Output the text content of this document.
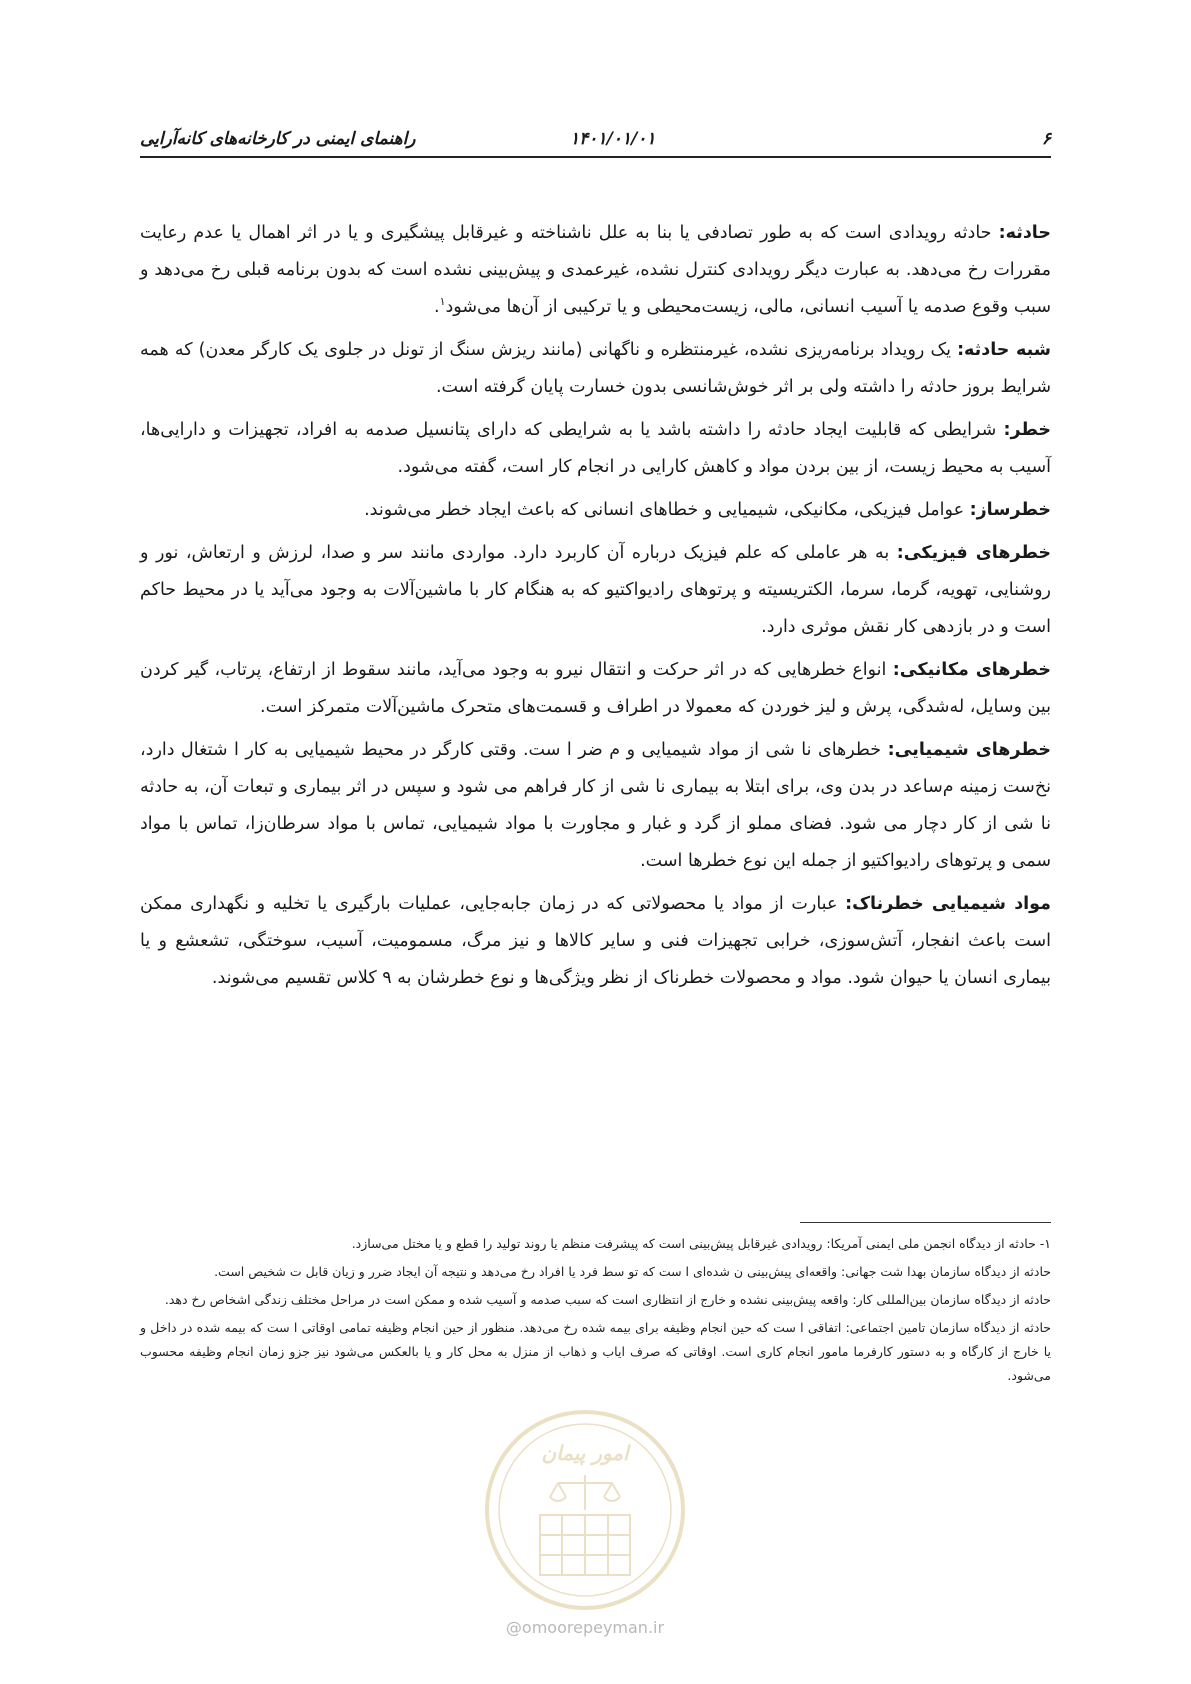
راهنمای ایمنی در کارخانه‌های کانه‌آرایی	۱۴۰۱/۰۱/۰۱	۶

حادثه: حادثه رویدادی است که به طور تصادفی یا بنا به علل ناشناخته و غیرقابل پیشگیری و یا در اثر اهمال یا عدم رعایت مقررات رخ می‌دهد. به عبارت دیگر رویدادی کنترل نشده، غیرعمدی و پیش‌بینی نشده است که بدون برنامه قبلی رخ می‌دهد و سبب وقوع صدمه یا آسیب انسانی، مالی، زیست‌محیطی و یا ترکیبی از آن‌ها می‌شود$^۱$.

شبه حادثه: یک رویداد برنامه‌ریزی نشده، غیرمنتظره و ناگهانی (مانند ریزش سنگ از تونل در جلوی یک کارگر معدن) که همه شرایط بروز حادثه را داشته ولی بر اثر خوش‌شانسی بدون خسارت پایان گرفته است.

خطر: شرایطی که قابلیت ایجاد حادثه را داشته باشد یا به شرایطی که دارای پتانسیل صدمه به افراد، تجهیزات و دارایی‌ها، آسیب به محیط زیست، از بین بردن مواد و کاهش کارایی در انجام کار است، گفته می‌شود.

خطرساز: عوامل فیزیکی، مکانیکی، شیمیایی و خطاهای انسانی که باعث ایجاد خطر می‌شوند.

خطرهای فیزیکی: به هر عاملی که علم فیزیک درباره آن کاربرد دارد. مواردی مانند سر و صدا، لرزش و ارتعاش، نور و روشنایی، تهویه، گرما، سرما، الکتریسیته و پرتوهای رادیواکتیو که به هنگام کار با ماشین‌آلات به وجود می‌آید یا در محیط حاکم است و در بازدهی کار نقش موثری دارد.

خطرهای مکانیکی: انواع خطرهایی که در اثر حرکت و انتقال نیرو به وجود می‌آید، مانند سقوط از ارتفاع، پرتاب، گیر کردن بین وسایل، له‌شدگی، پرش و لیز خوردن که معمولا در اطراف و قسمت‌های متحرک ماشین‌آلات متمرکز است.

خطرهای شیمیایی: خطرهای نا شی از مواد شیمیایی و م ضر ا ست. وقتی کارگر در محیط شیمیایی به کار ا شتغال دارد، نخ‌ست زمینه م‌ساعد در بدن وی، برای ابتلا به بیماری نا شی از کار فراهم می شود و سپس در اثر بیماری و تبعات آن، به حادثه نا شی از کار دچار می شود. فضای مملو از گرد و غبار و مجاورت با مواد شیمیایی، تماس با مواد سرطان‌زا، تماس با مواد سمی و پرتوهای رادیواکتیو از جمله این نوع خطرها است.

مواد شیمیایی خطرناک: عبارت از مواد یا محصولاتی که در زمان جابه‌جایی، عملیات بارگیری یا تخلیه و نگهداری ممکن است باعث انفجار، آتش‌سوزی، خرابی تجهیزات فنی و سایر کالاها و نیز مرگ، مسمومیت، آسیب، سوختگی، تشعشع و یا بیماری انسان یا حیوان شود. مواد و محصولات خطرناک از نظر ویژگی‌ها و نوع خطرشان به ۹ کلاس تقسیم می‌شوند.

۱- حادثه از دیدگاه انجمن ملی ایمنی آمریکا: رویدادی غیرقابل پیش‌بینی است که پیشرفت منظم یا روند تولید را قطع و یا مختل می‌سازد.

حادثه از دیدگاه سازمان بهدا شت جهانی: واقعه‌ای پیش‌بینی ن شده‌ای ا ست که تو سط فرد یا افراد رخ می‌دهد و نتیجه آن ایجاد ضرر و زیان قابل ت شخیص است.

حادثه از دیدگاه سازمان بین‌المللی کار: واقعه پیش‌بینی نشده و خارج از انتظاری است که سبب صدمه و آسیب شده و ممکن است در مراحل مختلف زندگی اشخاص رخ دهد.

حادثه از دیدگاه سازمان تامین اجتماعی: اتفاقی ا ست که حین انجام وظیفه برای بیمه شده رخ می‌دهد. منظور از حین انجام وظیفه تمامی اوقاتی ا ست که بیمه شده در داخل و یا خارج از کارگاه و به دستور کارفرما مامور انجام کاری است. اوقاتی که صرف ایاب و ذهاب از منزل به محل کار و یا بالعکس می‌شود نیز جزو زمان انجام وظیفه محسوب می‌شود.

امور پیمان
@omoorepeyman.ir
